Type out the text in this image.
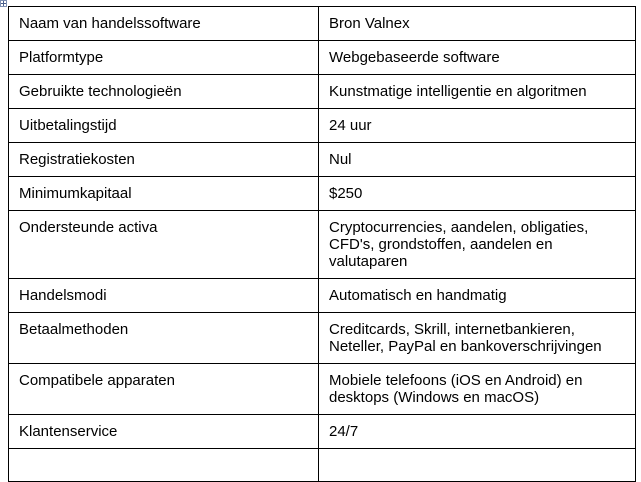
Naam van handelssoftware	Bron Valnex
Platformtype	Webgebaseerde software
Gebruikte technologieën	Kunstmatige intelligentie en algoritmen
Uitbetalingstijd	24 uur
Registratiekosten	Nul
Minimumkapitaal	$250
Ondersteunde activa	Cryptocurrencies, aandelen, obligaties, CFD's, grondstoffen, aandelen en valutaparen
Handelsmodi	Automatisch en handmatig
Betaalmethoden	Creditcards, Skrill, internetbankieren, Neteller, PayPal en bankoverschrijvingen
Compatibele apparaten	Mobiele telefoons (iOS en Android) en desktops (Windows en macOS)
Klantenservice	24/7
